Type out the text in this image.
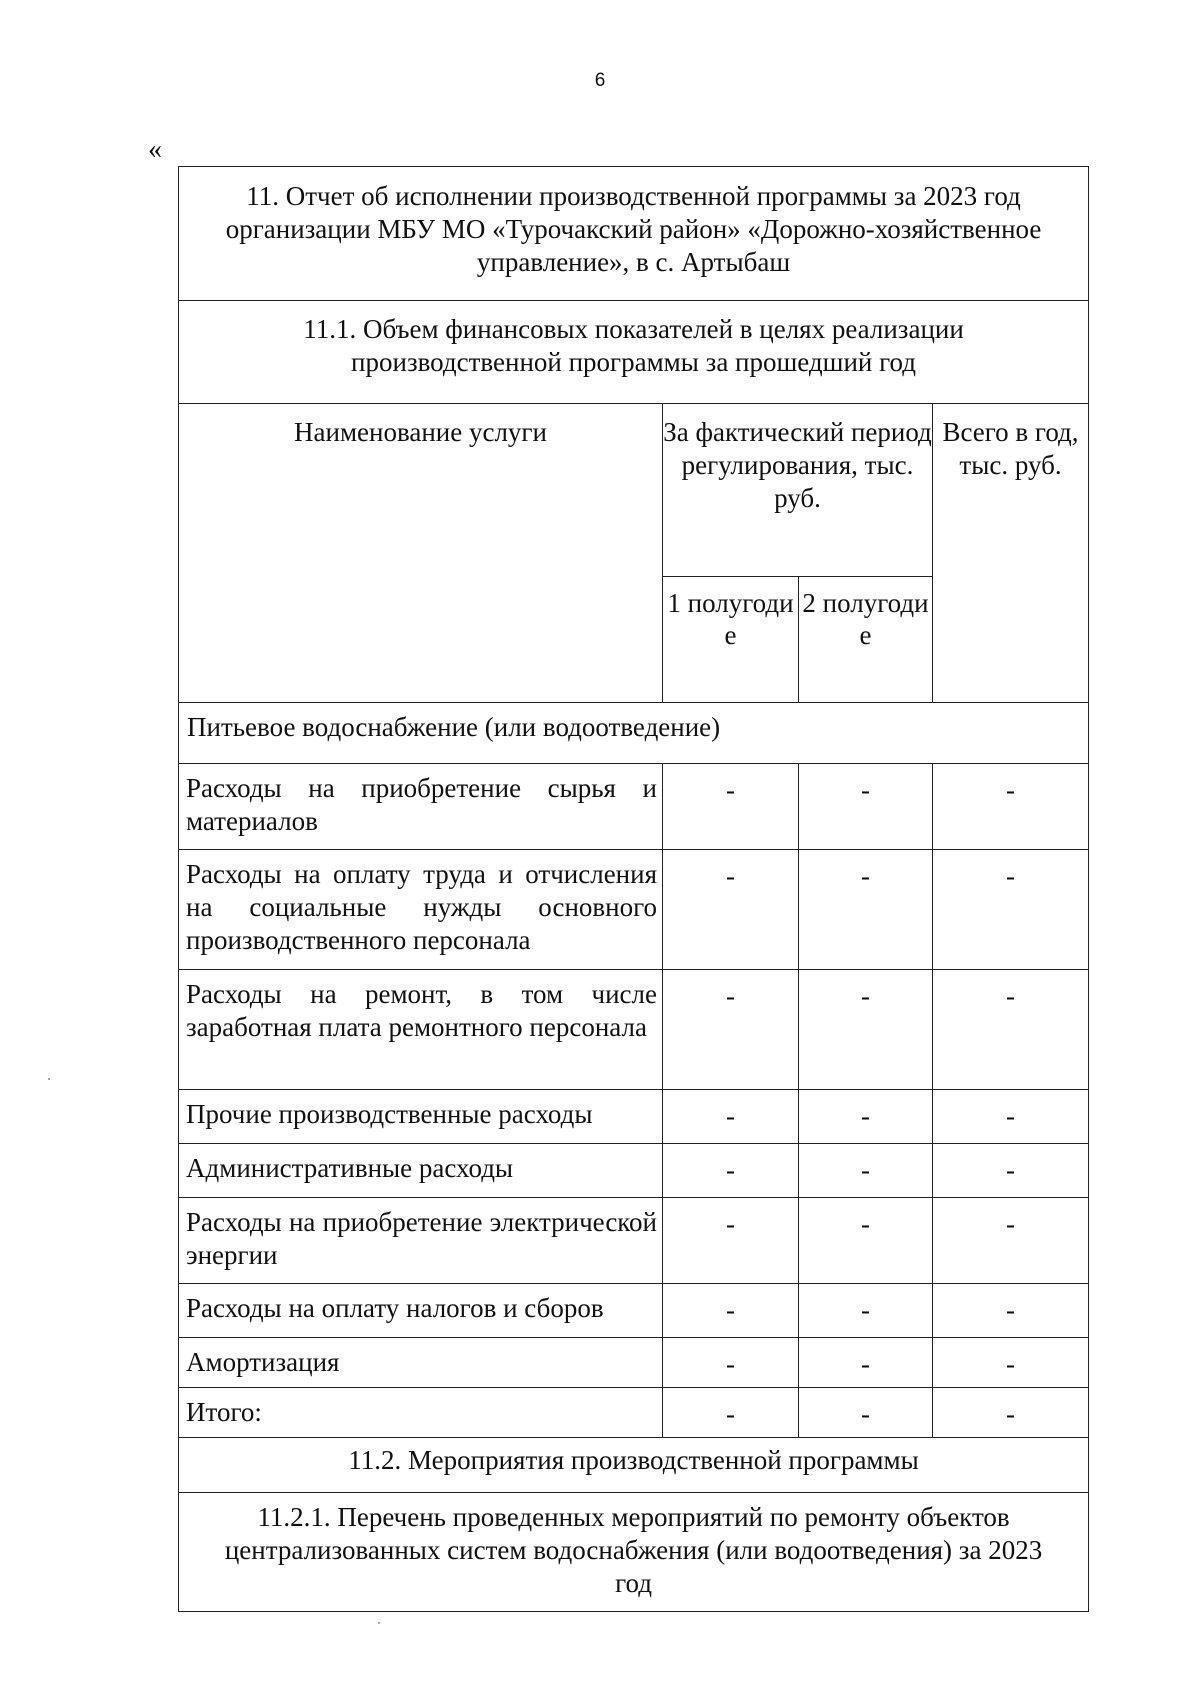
6
«
11. Отчет об исполнении производственной программы за 2023 год
организации МБУ МО «Турочакский район» «Дорожно-хозяйственное
управление», в с. Артыбаш			

11.1. Объем финансовых показателей в целях реализации
производственной программы за прошедший год			

Наименование услуги	За фактический период регулирования, тыс. руб.		Всего в год, тыс. руб.
	1 полугоди е	2 полугоди е	
Питьевое водоснабжение (или водоотведение)			
Расходы на приобретение сырья и материалов	-	-	-
Расходы на оплату труда и отчисления на социальные нужды основного производственного персонала	-	-	-
Расходы на ремонт, в том числе заработная плата ремонтного персонала	-	-	-
Прочие производственные расходы	-	-	-
Административные расходы	-	-	-
Расходы на приобретение электрической энергии	-	-	-
Расходы на оплату налогов и сборов	-	-	-
Амортизация	-	-	-
Итого:	-	-	-
11.2. Мероприятия производственной программы			

11.2.1. Перечень проведенных мероприятий по ремонту объектов
централизованных систем водоснабжения (или водоотведения) за 2023
год			
